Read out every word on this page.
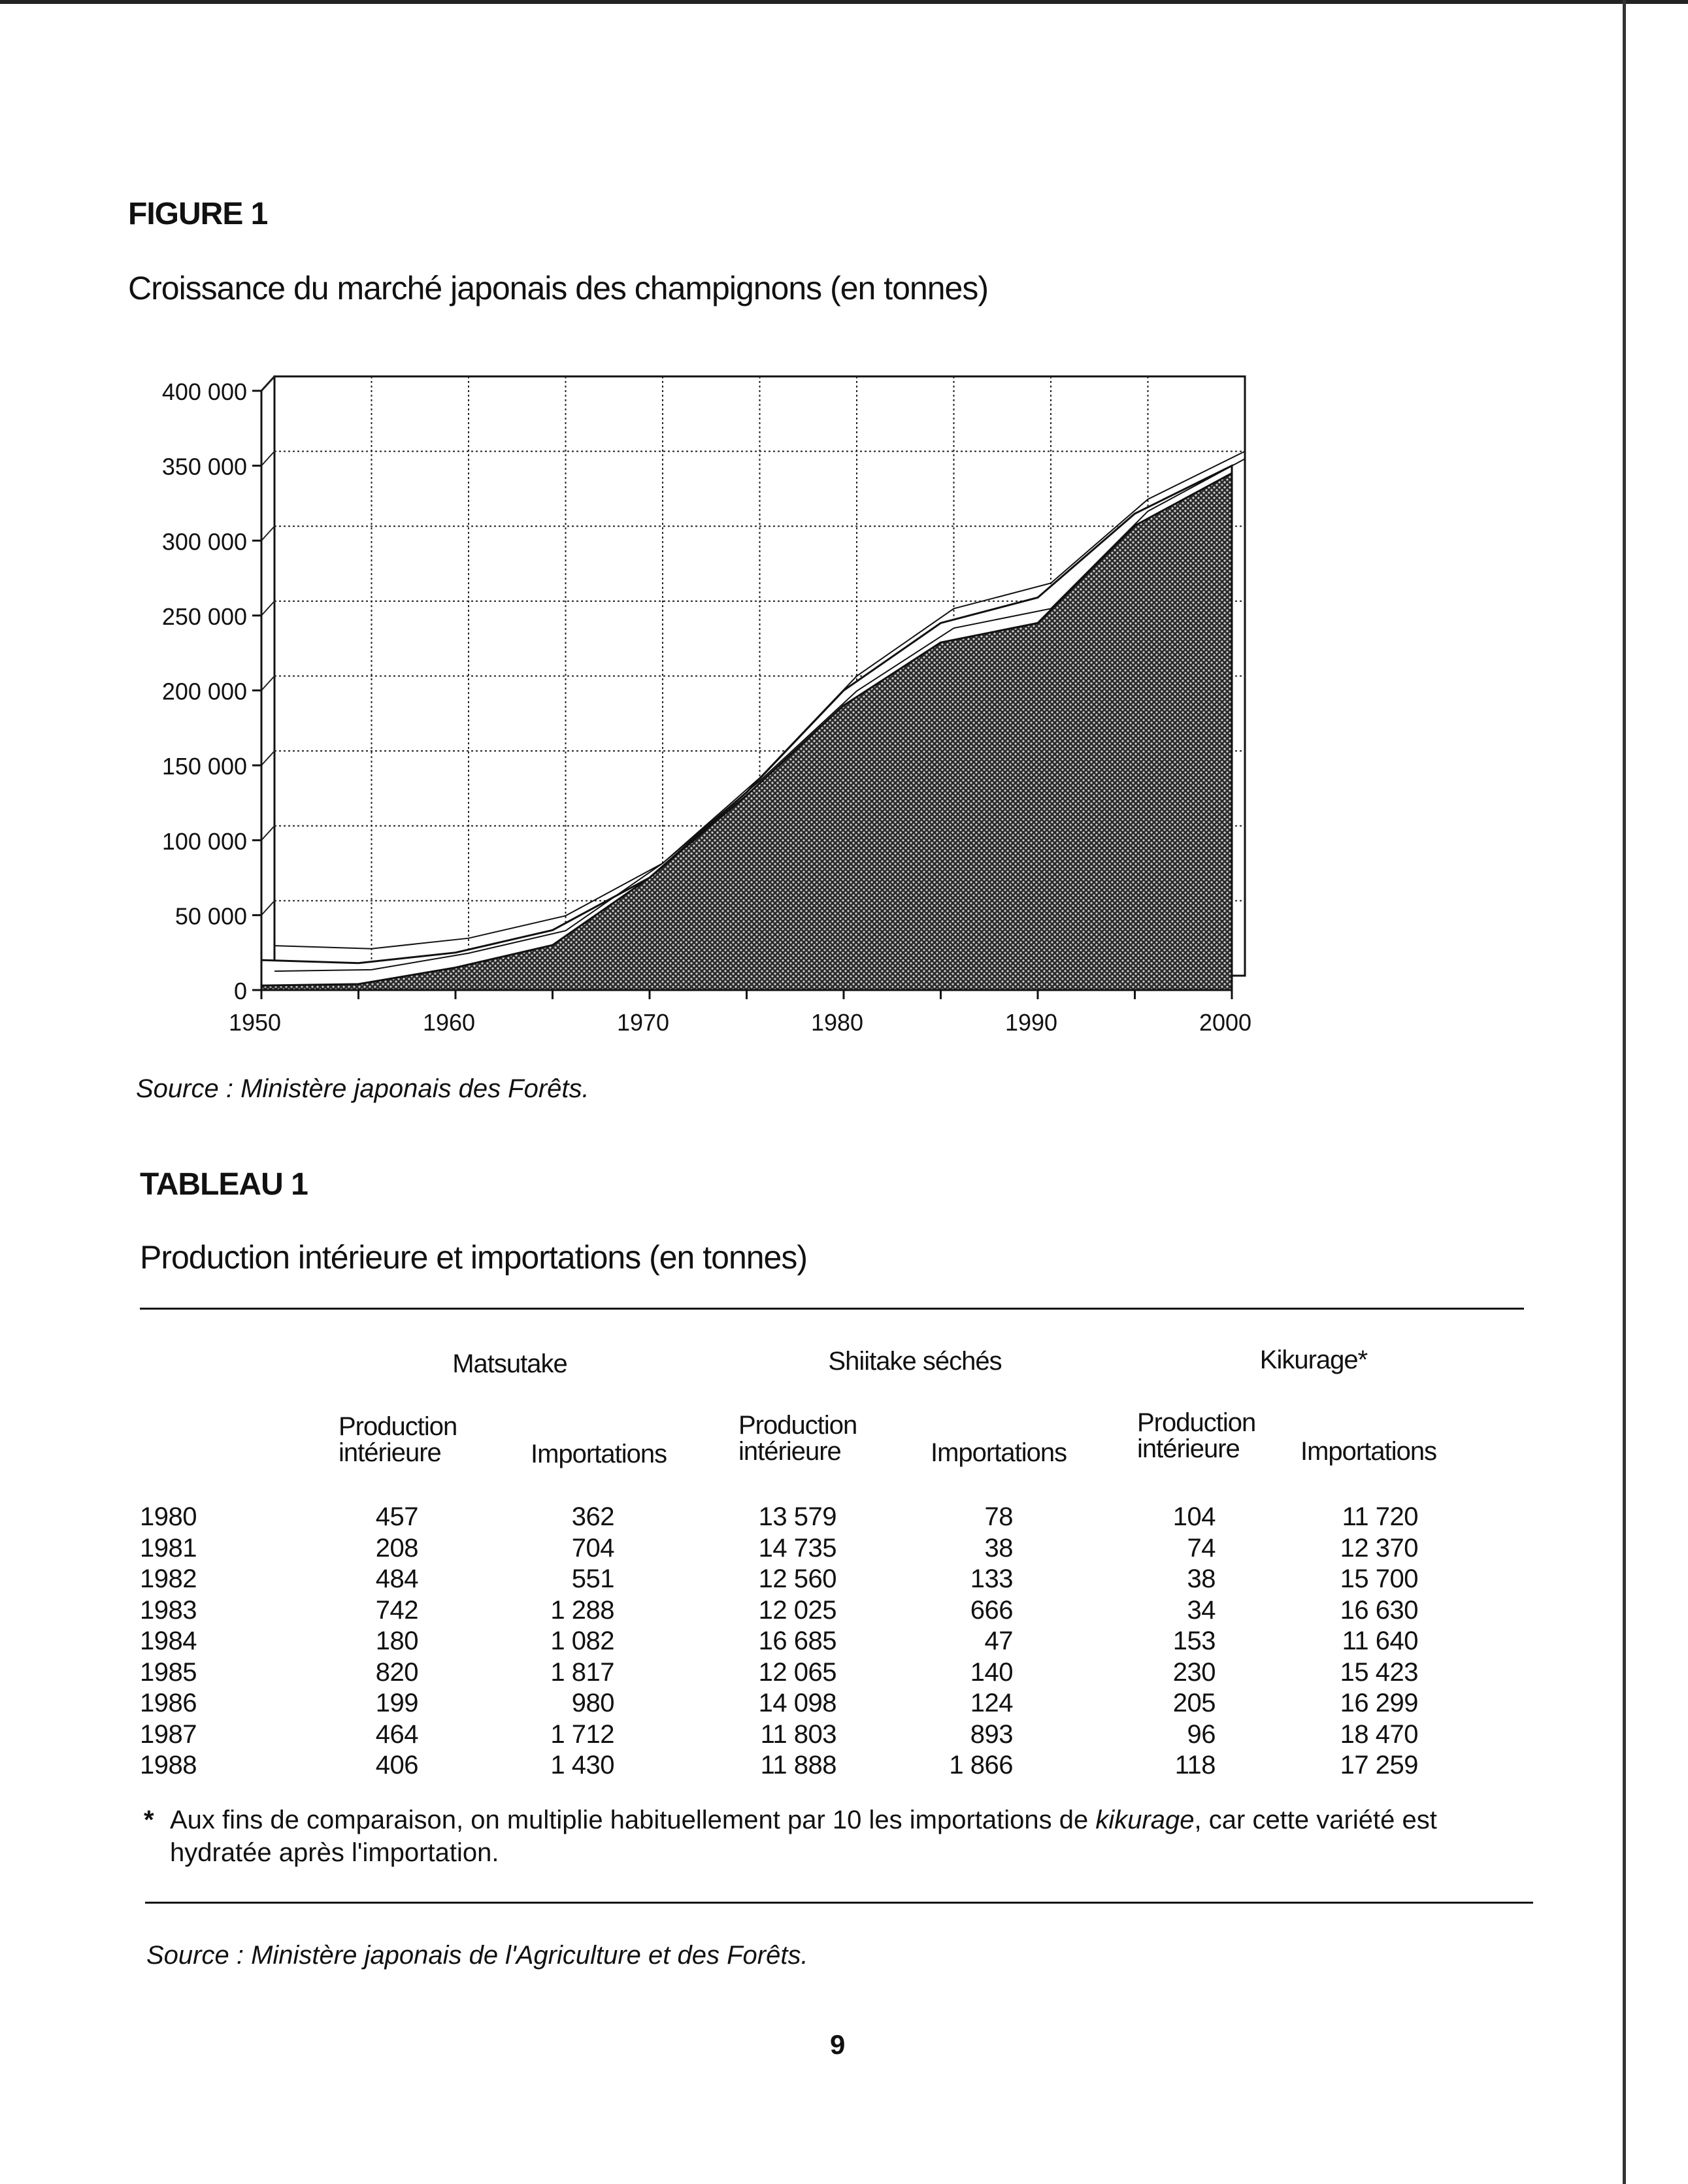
FIGURE 1
Croissance du marché japonais des champignons (en tonnes)
0
50 000
100 000
150 000
200 000
250 000
300 000
350 000
400 000
1950	1960	1970	1980	1990	2000
Source : Ministère japonais des Forêts.
TABLEAU 1
Production intérieure et importations (en tonnes)
Matsutake	Shiitake séchés	Kikurage*
Production
intérieure	Importations
Production
intérieure	Importations
Production
intérieure	Importations
1980	457	362	13 579	78	104	11 720
1981	208	704	14 735	38	74	12 370
1982	484	551	12 560	133	38	15 700
1983	742	1 288	12 025	666	34	16 630
1984	180	1 082	16 685	47	153	11 640
1985	820	1 817	12 065	140	230	15 423
1986	199	980	14 098	124	205	16 299
1987	464	1 712	11 803	893	96	18 470
1988	406	1 430	11 888	1 866	118	17 259
* Aux fins de comparaison, on multiplie habituellement par 10 les importations de kikurage, car cette variété est hydratée après l'importation.
Source : Ministère japonais de l'Agriculture et des Forêts.
9
